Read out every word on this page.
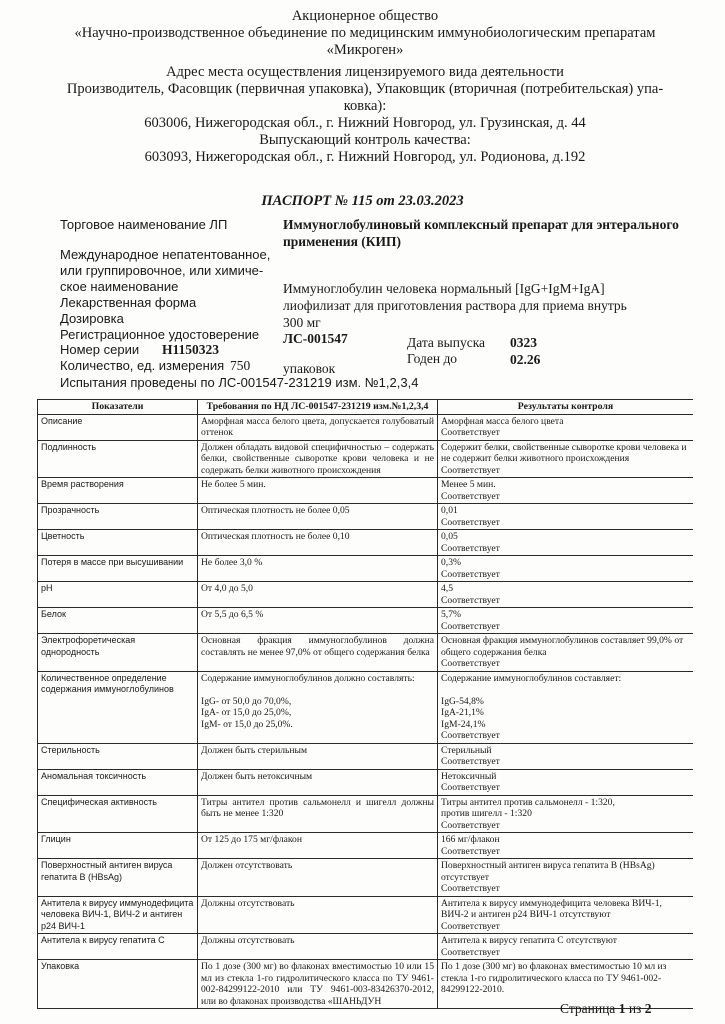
Акционерное общество
«Научно-производственное объединение по медицинским иммунобиологическим препаратам
«Микроген»
Адрес места осуществления лицензируемого вида деятельности
Производитель, Фасовщик (первичная упаковка), Упаковщик (вторичная (потребительская) упа-
ковка):
603006, Нижегородская обл., г. Нижний Новгород, ул. Грузинская, д. 44
Выпускающий контроль качества:
603093, Нижегородская обл., г. Нижний Новгород, ул. Родионова, д.192
ПАСПОРТ № 115 от 23.03.2023
Торговое наименование ЛП	Иммуноглобулиновый комплексный препарат для энтерального
применения (КИП)
Международное непатентованное,
или группировочное, или химиче-
ское наименование	Иммуноглобулин человека нормальный [IgG+IgM+IgA]
Лекарственная форма	лиофилизат для приготовления раствора для приема внутрь
Дозировка	300 мг
Регистрационное удостоверение ЛС-001547
Номер серии H1150323	Дата выпуска 0323
Годен до	02.26
Количество, ед. измерения 750 упаковок
Испытания проведены по ЛС-001547-231219 изм. №1,2,3,4
Показатели	Требования по НД ЛС-001547-231219 изм.№1,2,3,4	Результаты контроля
Описание	Аморфная масса белого цвета, допускается голубоватый оттенок	Аморфная масса белого цвета
Соответствует
Подлинность	Должен обладать видовой специфичностью – содержать белки, свойственные сыворотке крови человека и не содержать белки животного происхождения	Содержит белки, свойственные сыворотке крови человека и не содержит белки животного происхождения
Соответствует
Время растворения	Не более 5 мин.	Менее 5 мин.
Соответствует
Прозрачность	Оптическая плотность не более 0,05	0,01
Соответствует
Цветность	Оптическая плотность не более 0,10	0,05
Соответствует
Потеря в массе при высушивании	Не более 3,0 %	0,3%
Соответствует
pH	От 4,0 до 5,0	4,5
Соответствует
Белок	От 5,5 до 6,5 %	5,7%
Соответствует
Электрофоретическая однородность	Основная фракция иммуноглобулинов должна составлять не менее 97,0% от общего содержания белка	Основная фракция иммуноглобулинов составляет 99,0% от общего содержания белка
Соответствует
Количественное определение содержания иммуноглобулинов	Содержание иммуноглобулинов должно составлять:

IgG- от 50,0 до 70,0%,
IgA- от 15,0 до 25,0%,
IgM- от 15,0 до 25,0%.	Содержание иммуноглобулинов составляет:

IgG-54,8%
IgA-21,1%
IgM-24,1%
Соответствует
Стерильность	Должен быть стерильным	Стерильный
Соответствует
Аномальная токсичность	Должен быть нетоксичным	Нетоксичный
Соответствует
Специфическая активность	Титры антител против сальмонелл и шигелл должны быть не менее 1:320	Титры антител против сальмонелл - 1:320,
против шигелл - 1:320
Соответствует
Глицин	От 125 до 175 мг/флакон	166 мг/флакон
Соответствует
Поверхностный антиген вируса гепатита В (HBsAg)	Должен отсутствовать	Поверхностный антиген вируса гепатита В (HBsAg) отсутствует
Соответствует
Антитела к вирусу иммунодефицита человека ВИЧ-1, ВИЧ-2 и антиген p24 ВИЧ-1	Должны отсутствовать	Антитела к вирусу иммунодефицита человека ВИЧ-1, ВИЧ-2 и антиген p24 ВИЧ-1 отсутствуют
Соответствует
Антитела к вирусу гепатита С	Должны отсутствовать	Антитела к вирусу гепатита С отсутствуют
Соответствует
Упаковка	По 1 дозе (300 мг) во флаконах вместимостью 10 или 15 мл из стекла 1-го гидролитического класса по ТУ 9461-002-84299122-2010 или ТУ 9461-003-83426370-2012, или во флаконах производства «ШАНЬДУН	По 1 дозе (300 мг) во флаконах вместимостью 10 мл из стекла 1-го гидролитического класса по ТУ 9461-002-84299122-2010.
Страница 1 из 2
